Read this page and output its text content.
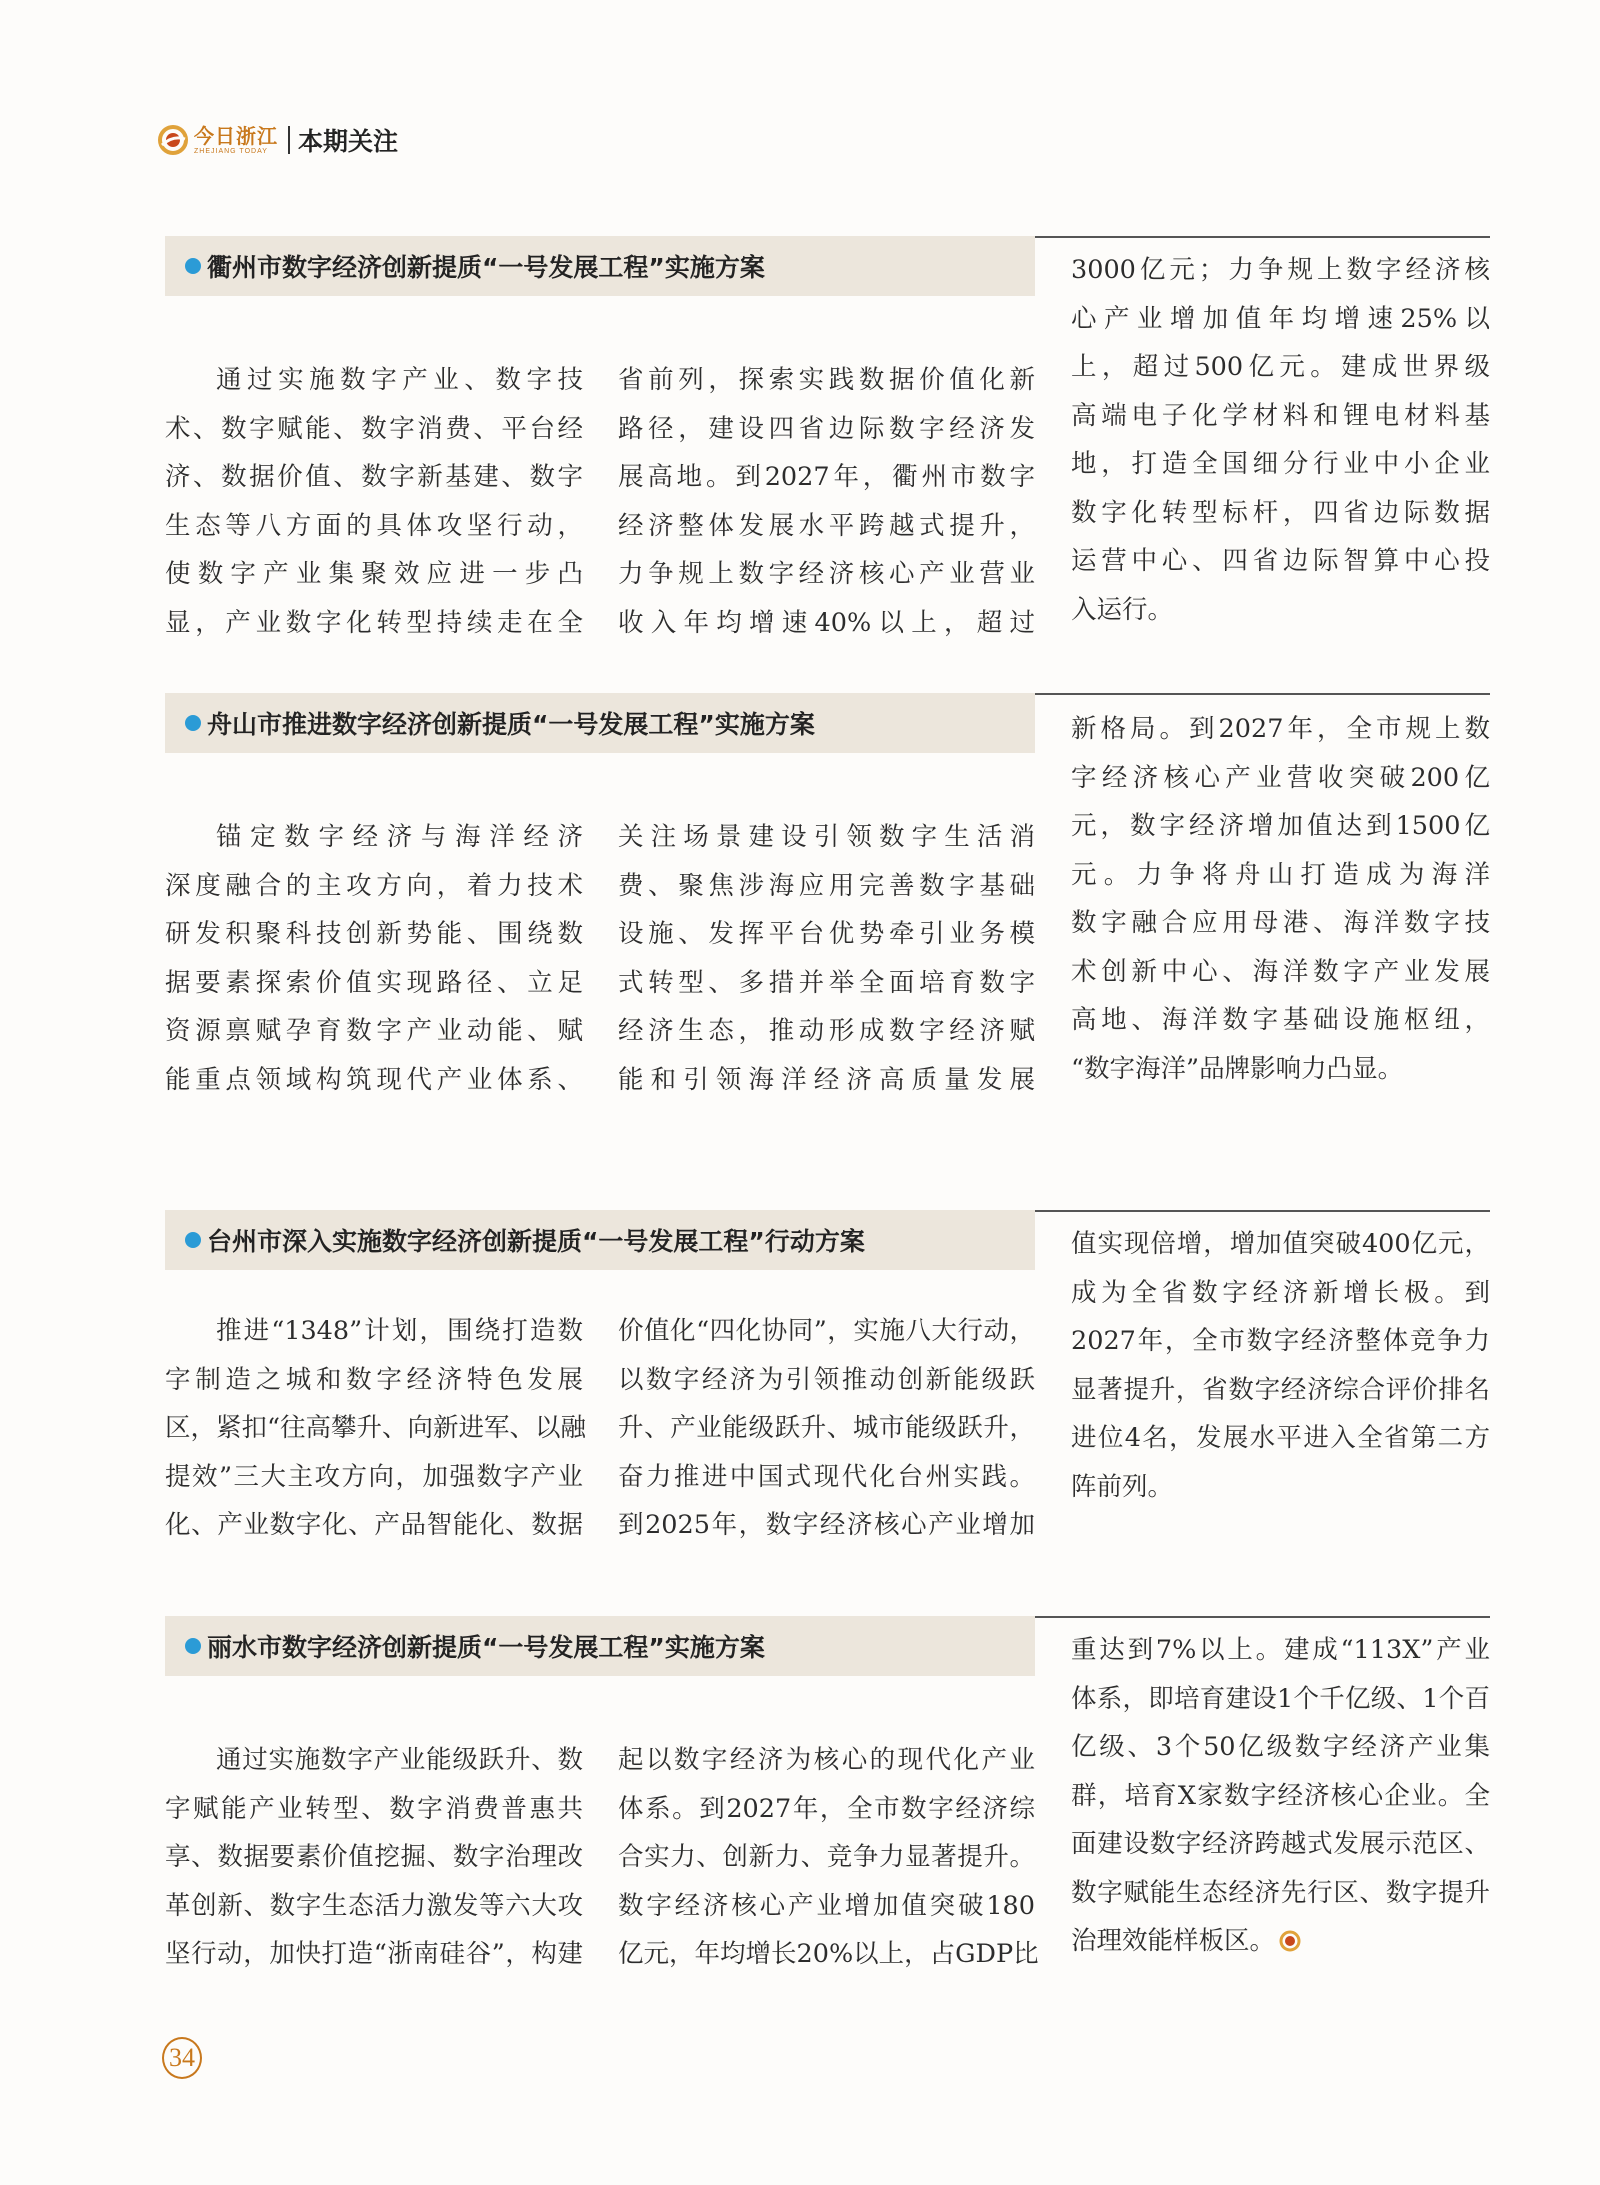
今日浙江
ZHEJIANG TODAY	本期关注
衢州市数字经济创新提质“一号发展工程”实施方案
通过实施数字产业、数字技
术、数字赋能、数字消费、平台经
济、数据价值、数字新基建、数字
生态等八方面的具体攻坚行动，
使数字产业集聚效应进一步凸
显，产业数字化转型持续走在全
省前列，探索实践数据价值化新
路径，建设四省边际数字经济发
展高地。到2027年，衢州市数字
经济整体发展水平跨越式提升，
力争规上数字经济核心产业营业
收入年均增速40%以上，超过
3000亿元；力争规上数字经济核
心产业增加值年均增速25%以
上，超过500亿元。建成世界级
高端电子化学材料和锂电材料基
地，打造全国细分行业中小企业
数字化转型标杆，四省边际数据
运营中心、四省边际智算中心投
入运行。
舟山市推进数字经济创新提质“一号发展工程”实施方案
锚定数字经济与海洋经济
深度融合的主攻方向，着力技术
研发积聚科技创新势能、围绕数
据要素探索价值实现路径、立足
资源禀赋孕育数字产业动能、赋
能重点领域构筑现代产业体系、
关注场景建设引领数字生活消
费、聚焦涉海应用完善数字基础
设施、发挥平台优势牵引业务模
式转型、多措并举全面培育数字
经济生态，推动形成数字经济赋
能和引领海洋经济高质量发展
新格局。到2027年，全市规上数
字经济核心产业营收突破200亿
元，数字经济增加值达到1500亿
元。力争将舟山打造成为海洋
数字融合应用母港、海洋数字技
术创新中心、海洋数字产业发展
高地、海洋数字基础设施枢纽，
“数字海洋”品牌影响力凸显。
台州市深入实施数字经济创新提质“一号发展工程”行动方案
推进“1348”计划，围绕打造数
字制造之城和数字经济特色发展
区，紧扣“往高攀升、向新进军、以融
提效”三大主攻方向，加强数字产业
化、产业数字化、产品智能化、数据
价值化“四化协同”，实施八大行动，
以数字经济为引领推动创新能级跃
升、产业能级跃升、城市能级跃升，
奋力推进中国式现代化台州实践。
到2025年，数字经济核心产业增加
值实现倍增，增加值突破400亿元，
成为全省数字经济新增长极。到
2027年，全市数字经济整体竞争力
显著提升，省数字经济综合评价排名
进位4名，发展水平进入全省第二方
阵前列。
丽水市数字经济创新提质“一号发展工程”实施方案
通过实施数字产业能级跃升、数
字赋能产业转型、数字消费普惠共
享、数据要素价值挖掘、数字治理改
革创新、数字生态活力激发等六大攻
坚行动，加快打造“浙南硅谷”，构建
起以数字经济为核心的现代化产业
体系。到2027年，全市数字经济综
合实力、创新力、竞争力显著提升。
数字经济核心产业增加值突破180
亿元，年均增长20%以上，占GDP比
重达到7%以上。建成“113X”产业
体系，即培育建设1个千亿级、1个百
亿级、3个50亿级数字经济产业集
群，培育X家数字经济核心企业。全
面建设数字经济跨越式发展示范区、
数字赋能生态经济先行区、数字提升
治理效能样板区。
34
